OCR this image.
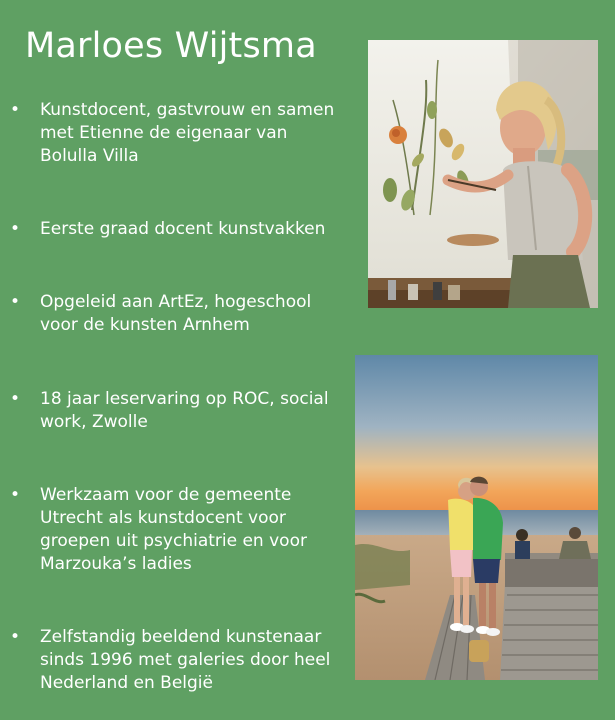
Marloes Wijtsma
•	Kunstdocent, gastvrouw en samen met Etienne de eigenaar van Bolulla Villa
•	Eerste graad docent kunstvakken
•	Opgeleid aan ArtEz, hogeschool voor de kunsten Arnhem
•	18 jaar leservaring op ROC, social work, Zwolle
•	Werkzaam voor de gemeente Utrecht als kunstdocent voor groepen uit psychiatrie en voor Marzouka’s ladies
•	Zelfstandig beeldend kunstenaar sinds 1996 met galeries door heel Nederland en België
